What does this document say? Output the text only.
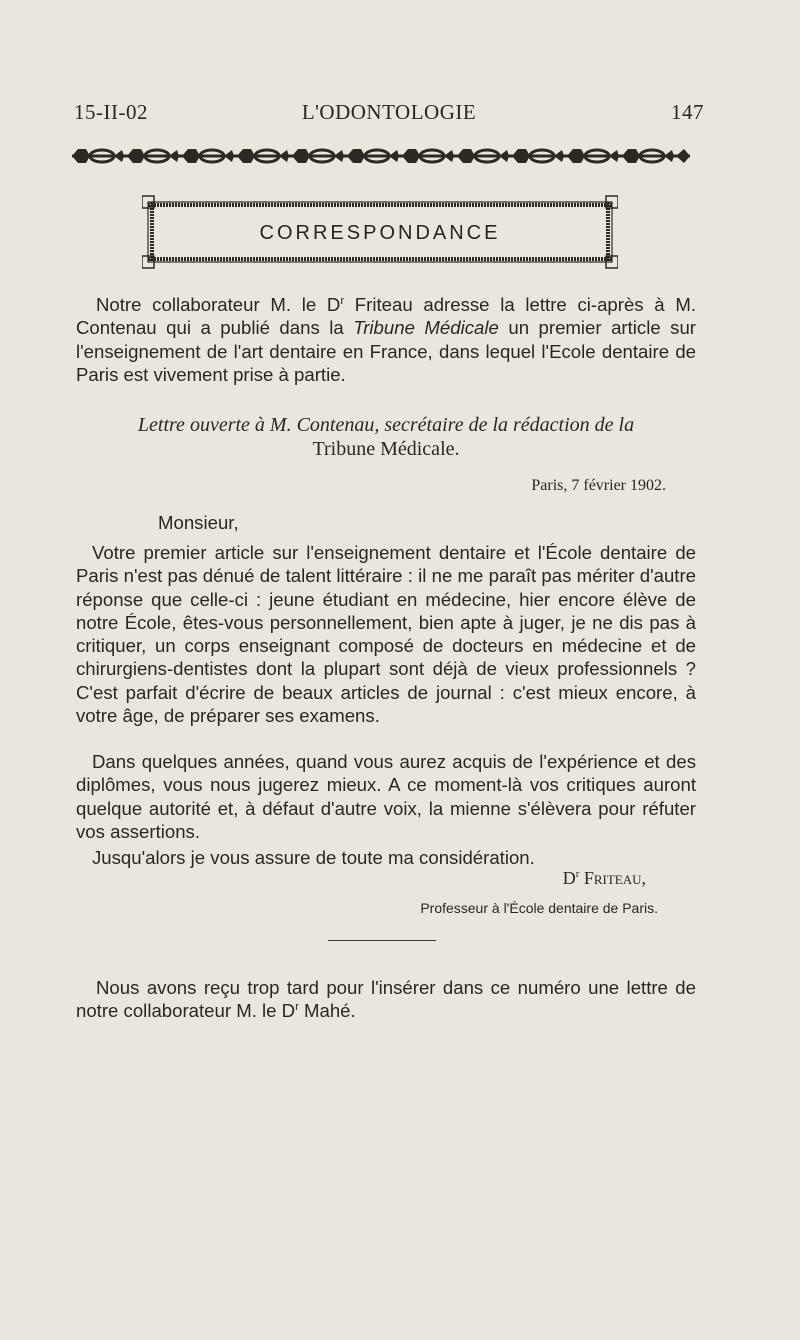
15-II-02	L'ODONTOLOGIE	147
CORRESPONDANCE
Notre collaborateur M. le $D^r$ Friteau adresse la lettre ci-après à M. Contenau qui a publié dans la Tribune Médicale un premier article sur l'enseignement de l'art dentaire en France, dans lequel l'Ecole dentaire de Paris est vivement prise à partie.
Lettre ouverte à M. Contenau, secrétaire de la rédaction de la
Tribune Médicale.
Paris, 7 février 1902.
Monsieur,
Votre premier article sur l'enseignement dentaire et l'École dentaire de Paris n'est pas dénué de talent littéraire : il ne me paraît pas mériter d'autre réponse que celle-ci : jeune étudiant en médecine, hier encore élève de notre École, êtes-vous personnellement, bien apte à juger, je ne dis pas à critiquer, un corps enseignant composé de docteurs en médecine et de chirurgiens-dentistes dont la plupart sont déjà de vieux professionnels ? C'est parfait d'écrire de beaux articles de journal : c'est mieux encore, à votre âge, de préparer ses examens.
Dans quelques années, quand vous aurez acquis de l'expérience et des diplômes, vous nous jugerez mieux. A ce moment-là vos critiques auront quelque autorité et, à défaut d'autre voix, la mienne s'élèvera pour réfuter vos assertions.
Jusqu'alors je vous assure de toute ma considération.
$D^r$ Friteau,
Professeur à l'École dentaire de Paris.
Nous avons reçu trop tard pour l'insérer dans ce numéro une lettre de notre collaborateur M. le $D^r$ Mahé.
